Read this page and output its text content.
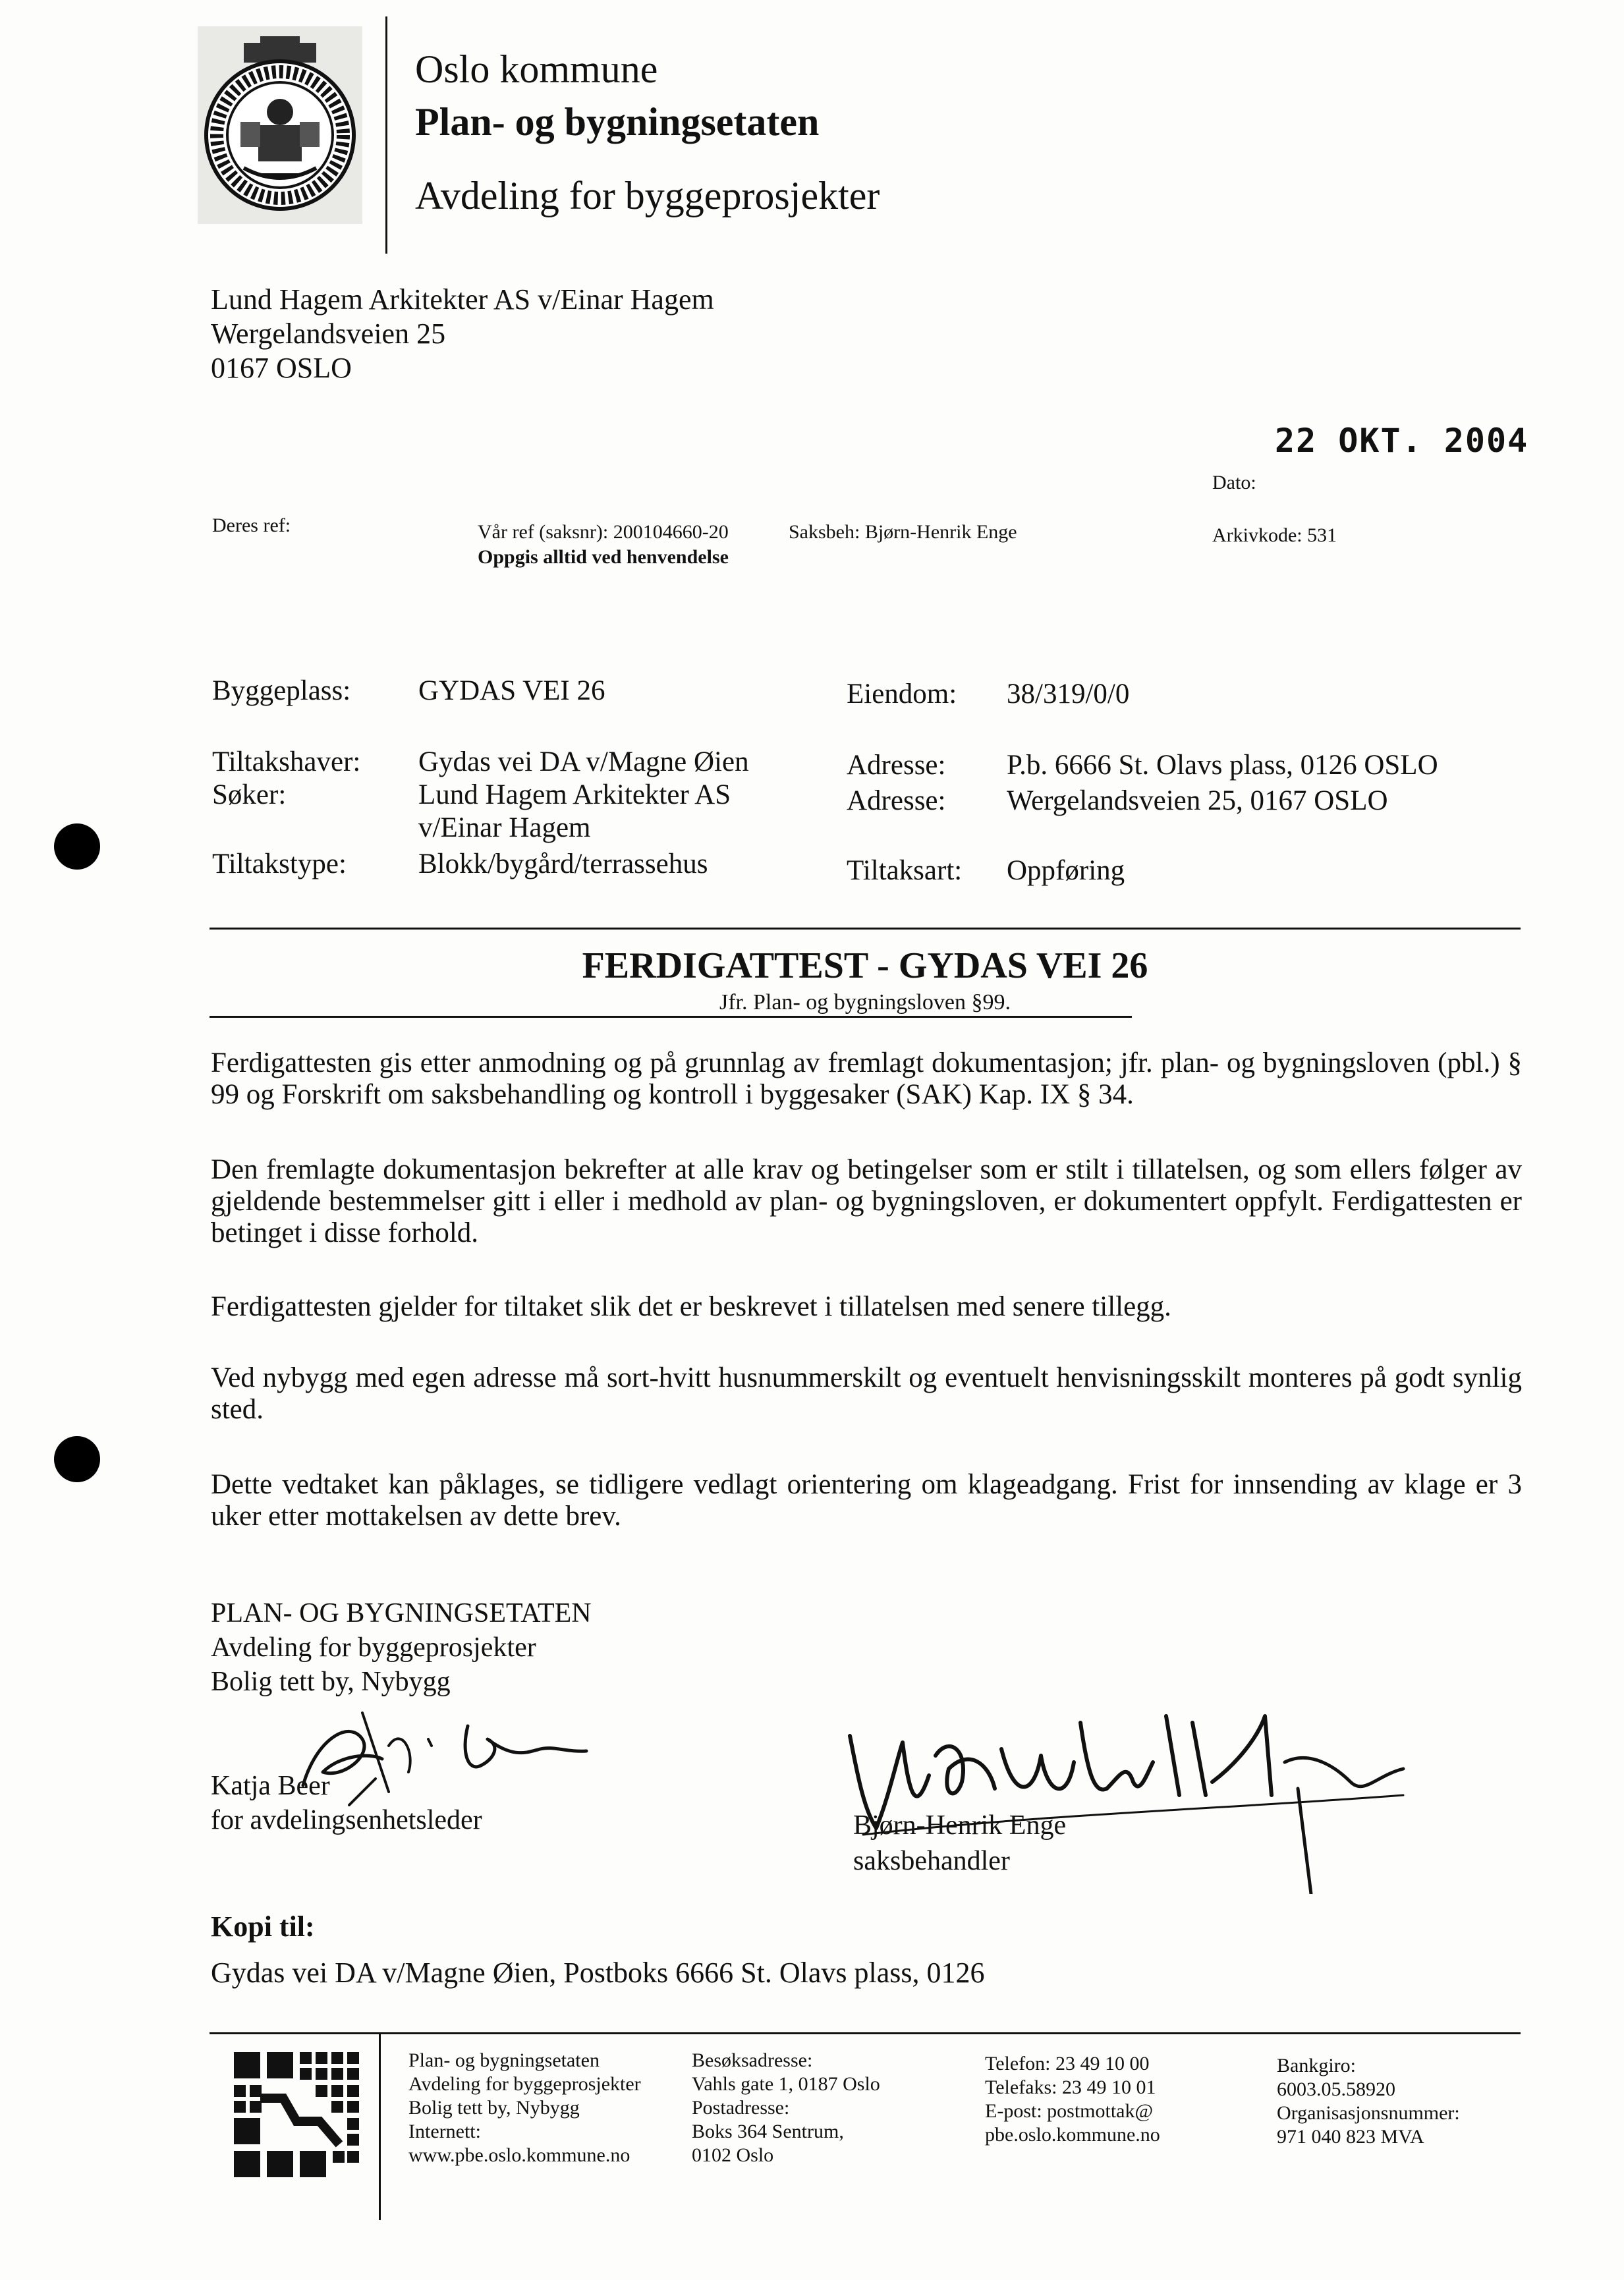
Oslo kommune
Plan- og bygningsetaten
Avdeling for byggeprosjekter
Lund Hagem Arkitekter AS v/Einar Hagem
Wergelandsveien 25
0167 OSLO
22 OKT. 2004
Dato:
Deres ref:	Vår ref (saksnr): 200104660-20
Oppgis alltid ved henvendelse
Saksbeh: Bjørn-Henrik Enge	Arkivkode: 531
Byggeplass: GYDAS VEI 26	Eiendom: 38/319/0/0
Tiltakshaver: Gydas vei DA v/Magne Øien	Adresse: P.b. 6666 St. Olavs plass, 0126 OSLO
Søker:	Lund Hagem Arkitekter AS
v/Einar Hagem
Adresse: Wergelandsveien 25, 0167 OSLO
Tiltakstype:	Blokk/bygård/terrassehus	Tiltaksart: Oppføring
FERDIGATTEST - GYDAS VEI 26
Jfr. Plan- og bygningsloven §99.
Ferdigattesten gis etter anmodning og på grunnlag av fremlagt dokumentasjon; jfr. plan- og bygningsloven (pbl.) § 99 og Forskrift om saksbehandling og kontroll i byggesaker (SAK) Kap. IX § 34.
Den fremlagte dokumentasjon bekrefter at alle krav og betingelser som er stilt i tillatelsen, og som ellers følger av gjeldende bestemmelser gitt i eller i medhold av plan- og bygningsloven, er dokumentert oppfylt. Ferdigattesten er betinget i disse forhold.
Ferdigattesten gjelder for tiltaket slik det er beskrevet i tillatelsen med senere tillegg.
Ved nybygg med egen adresse må sort-hvitt husnummerskilt og eventuelt henvisningsskilt monteres på godt synlig sted.
Dette vedtaket kan påklages, se tidligere vedlagt orientering om klageadgang. Frist for innsending av klage er 3 uker etter mottakelsen av dette brev.
PLAN- OG BYGNINGSETATEN
Avdeling for byggeprosjekter
Bolig tett by, Nybygg
Katja Beer
for avdelingsenhetsleder	Bjørn-Henrik Enge
saksbehandler
Kopi til:
Gydas vei DA v/Magne Øien, Postboks 6666 St. Olavs plass, 0126
Plan- og bygningsetaten
Avdeling for byggeprosjekter
Bolig tett by, Nybygg
Internett:
www.pbe.oslo.kommune.no
Besøksadresse:
Vahls gate 1, 0187 Oslo
Postadresse:
Boks 364 Sentrum,
0102 Oslo
Telefon: 23 49 10 00
Telefaks: 23 49 10 01
E-post: postmottak@
pbe.oslo.kommune.no
Bankgiro:
6003.05.58920
Organisasjonsnummer:
971 040 823 MVA
